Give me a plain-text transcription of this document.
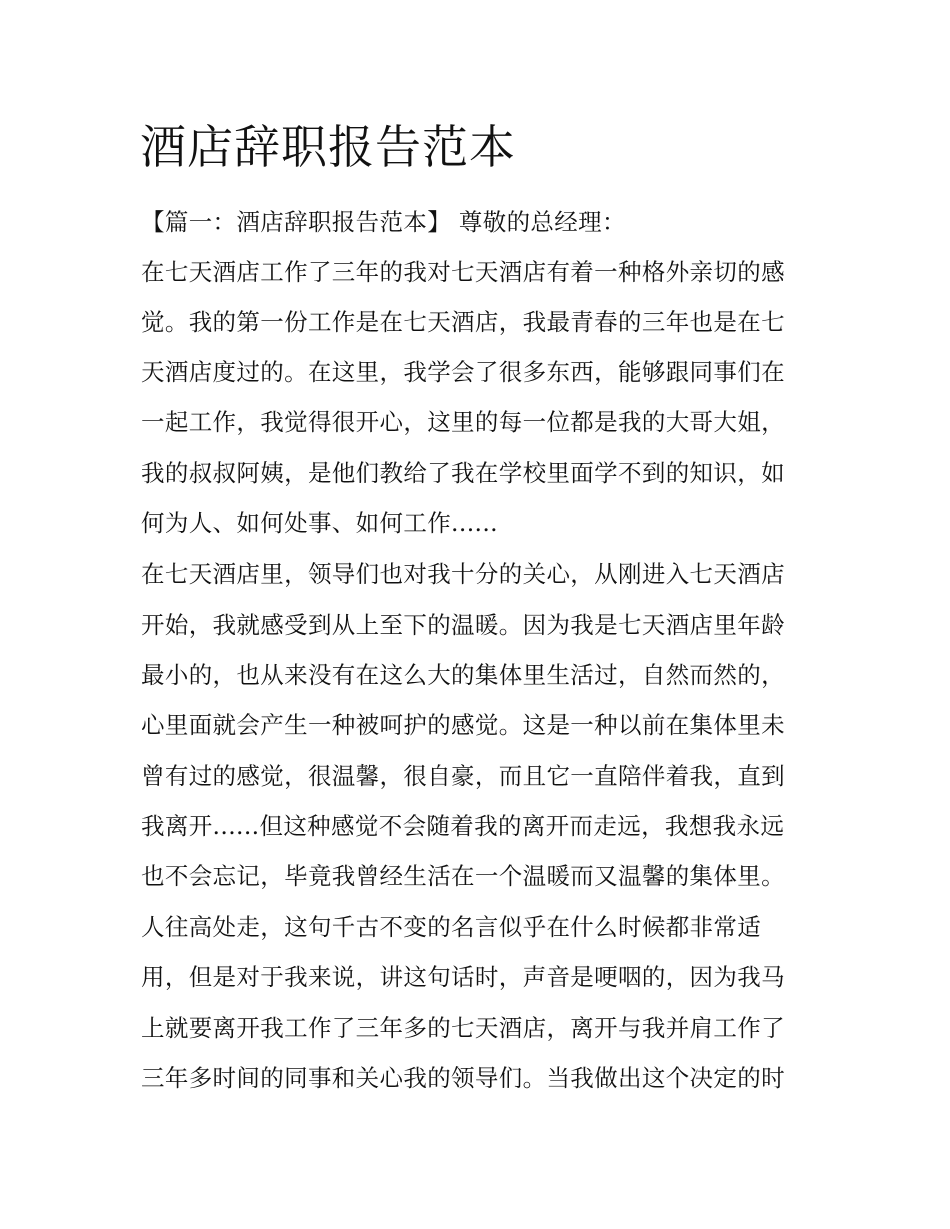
酒店辞职报告范本

【篇一：酒店辞职报告范本】 尊敬的总经理：

在七天酒店工作了三年的我对七天酒店有着一种格外亲切的感

觉。我的第一份工作是在七天酒店，我最青春的三年也是在七

天酒店度过的。在这里，我学会了很多东西，能够跟同事们在

一起工作，我觉得很开心，这里的每一位都是我的大哥大姐，

我的叔叔阿姨，是他们教给了我在学校里面学不到的知识，如

何为人、如何处事、如何工作......

在七天酒店里，领导们也对我十分的关心，从刚进入七天酒店

开始，我就感受到从上至下的温暖。因为我是七天酒店里年龄

最小的，也从来没有在这么大的集体里生活过，自然而然的，

心里面就会产生一种被呵护的感觉。这是一种以前在集体里未

曾有过的感觉，很温馨，很自豪，而且它一直陪伴着我，直到

我离开......但这种感觉不会随着我的离开而走远，我想我永远

也不会忘记，毕竟我曾经生活在一个温暖而又温馨的集体里。

人往高处走，这句千古不变的名言似乎在什么时候都非常适

用，但是对于我来说，讲这句话时，声音是哽咽的，因为我马

上就要离开我工作了三年多的七天酒店，离开与我并肩工作了

三年多时间的同事和关心我的领导们。当我做出这个决定的时
